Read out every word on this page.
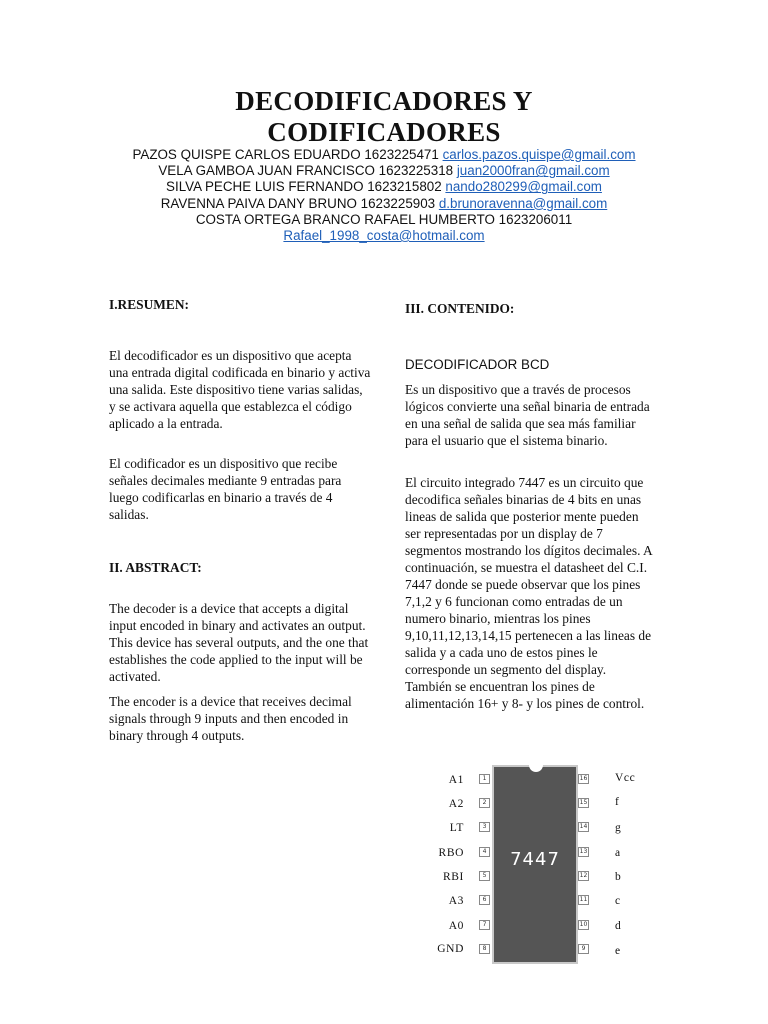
DECODIFICADORES Y
CODIFICADORES
PAZOS QUISPE CARLOS EDUARDO 1623225471 carlos.pazos.quispe@gmail.com
VELA GAMBOA JUAN FRANCISCO 1623225318 juan2000fran@gmail.com
SILVA PECHE LUIS FERNANDO 1623215802 nando280299@gmail.com
RAVENNA PAIVA DANY BRUNO 1623225903 d.brunoravenna@gmail.com
COSTA ORTEGA BRANCO RAFAEL HUMBERTO 1623206011
Rafael_1998_costa@hotmail.com
I.RESUMEN:

El decodificador es un dispositivo que acepta una entrada digital codificada en binario y activa una salida. Este dispositivo tiene varias salidas, y se activara aquella que establezca el código aplicado a la entrada.

El codificador es un dispositivo que recibe señales decimales mediante 9 entradas para luego codificarlas en binario a través de 4 salidas.

II. ABSTRACT:

The decoder is a device that accepts a digital input encoded in binary and activates an output. This device has several outputs, and the one that establishes the code applied to the input will be activated.

The encoder is a device that receives decimal signals through 9 inputs and then encoded in binary through 4 outputs.

III. CONTENIDO:
DECODIFICADOR BCD

Es un dispositivo que a través de procesos lógicos convierte una señal binaria de entrada en una señal de salida que sea más familiar para el usuario que el sistema binario.

El circuito integrado 7447 es un circuito que decodifica señales binarias de 4 bits en unas lineas de salida que posterior mente pueden ser representadas por un display de 7 segmentos mostrando los dígitos decimales. A continuación, se muestra el datasheet del C.I. 7447 donde se puede observar que los pines 7,1,2 y 6 funcionan como entradas de un numero binario, mientras los pines 9,10,11,12,13,14,15 pertenecen a las lineas de salida y a cada uno de estos pines le corresponde un segmento del display. También se encuentran los pines de alimentación 16+ y 8- y los pines de control.

7447
A1	1
A2	2
LT	3
RBO	4
RBI	5
A3	6
A0	7
GND	8
16 Vcc
15 f
14 g
13 a
12 b
11 c
10 d
9	e
